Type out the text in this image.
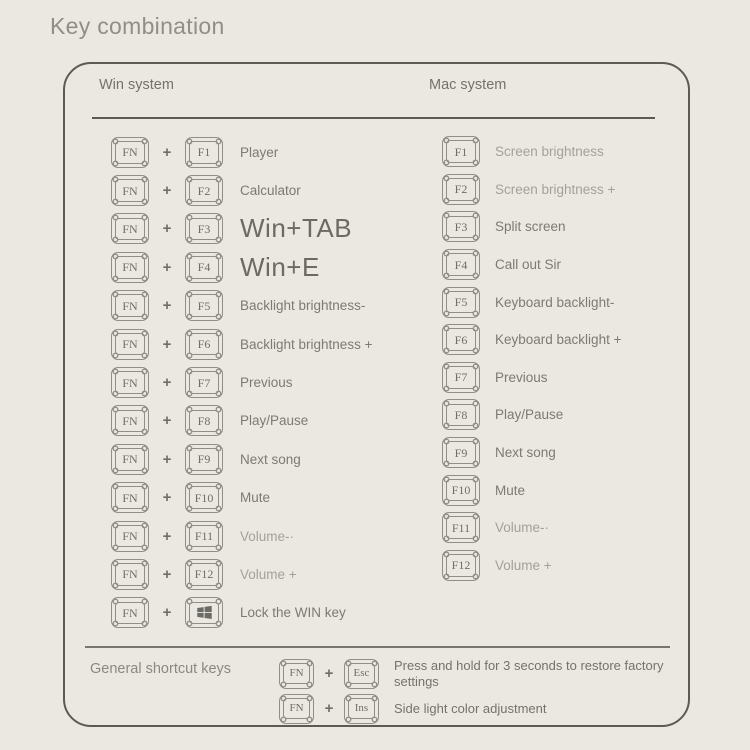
Key combination
Win system	Mac system
FN	+	F1 Player
FN	+	F2 Calculator
FN	+	F3 Win+TAB
FN	+	F4 Win+E
FN	+	F5 Backlight brightness-
FN	+	F6 Backlight brightness +
FN	+	F7 Previous
FN	+	F8 Play/Pause
FN	+	F9 Next song
FN	+	F10 Mute
FN	+	F11 Volume-·
FN	+	F12 Volume +
FN	+	Lock the WIN key
F1 Screen brightness
F2 Screen brightness +
F3 Split screen
F4 Call out Sir
F5 Keyboard backlight-
F6 Keyboard backlight +
F7 Previous
F8 Play/Pause
F9 Next song
F10 Mute
F11 Volume-·
F12 Volume +
General shortcut keys	FN	+	Esc Press and hold for 3 seconds to restore factory settings
FN	+	Ins Side light color adjustment
